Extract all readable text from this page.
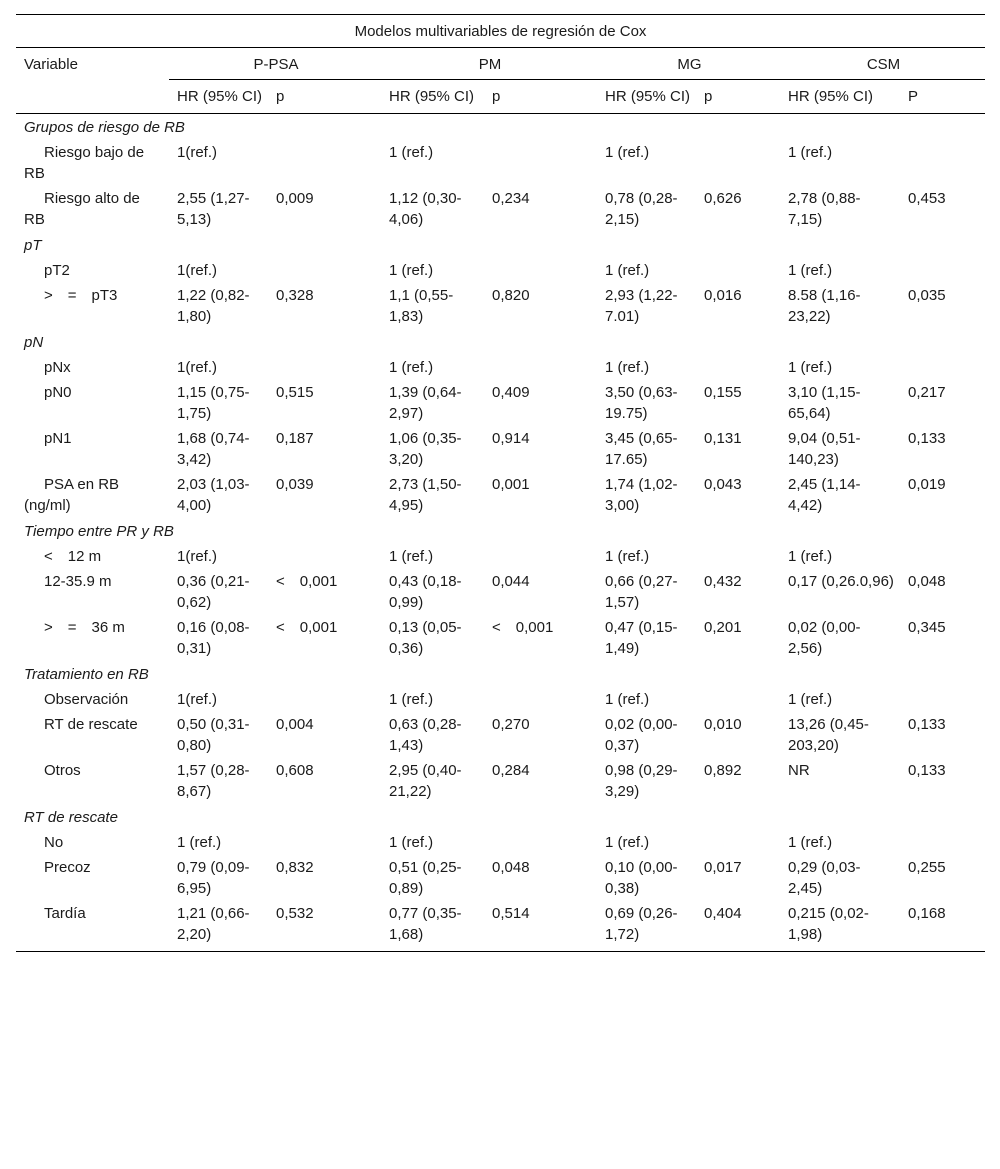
Modelos multivariables de regresión de Cox								
Variable	P-PSA		PM		MG		CSM	
	HR (95% CI)	p	HR (95% CI)	p	HR (95% CI)	p	HR (95% CI)	P
Grupos de riesgo de RB								
Riesgo bajo de RB	1(ref.)		1 (ref.)		1 (ref.)		1 (ref.)	
Riesgo alto de RB	2,55 (1,27-5,13)	0,009	1,12 (0,30-4,06)	0,234	0,78 (0,28-2,15)	0,626	2,78 (0,88-7,15)	0,453
pT								
pT2	1(ref.)		1 (ref.)		1 (ref.)		1 (ref.)	
> = pT3	1,22 (0,82-1,80)	0,328	1,1 (0,55-1,83)	0,820	2,93 (1,22-7.01)	0,016	8.58 (1,16-23,22)	0,035
pN								
pNx	1(ref.)		1 (ref.)		1 (ref.)		1 (ref.)	
pN0	1,15 (0,75-1,75)	0,515	1,39 (0,64-2,97)	0,409	3,50 (0,63-19.75)	0,155	3,10 (1,15-65,64)	0,217
pN1	1,68 (0,74-3,42)	0,187	1,06 (0,35-3,20)	0,914	3,45 (0,65-17.65)	0,131	9,04 (0,51-140,23)	0,133
PSA en RB (ng/ml)	2,03 (1,03-4,00)	0,039	2,73 (1,50-4,95)	0,001	1,74 (1,02-3,00)	0,043	2,45 (1,14-4,42)	0,019
Tiempo entre PR y RB								
< 12 m	1(ref.)		1 (ref.)		1 (ref.)		1 (ref.)	
12-35.9 m	0,36 (0,21-0,62)	< 0,001	0,43 (0,18-0,99)	0,044	0,66 (0,27-1,57)	0,432	0,17 (0,26.0,96)	0,048
> = 36 m	0,16 (0,08-0,31)	< 0,001	0,13 (0,05-0,36)	< 0,001	0,47 (0,15-1,49)	0,201	0,02 (0,00-2,56)	0,345
Tratamiento en RB								
Observación	1(ref.)		1 (ref.)		1 (ref.)		1 (ref.)	
RT de rescate	0,50 (0,31-0,80)	0,004	0,63 (0,28-1,43)	0,270	0,02 (0,00-0,37)	0,010	13,26 (0,45-203,20)	0,133
Otros	1,57 (0,28-8,67)	0,608	2,95 (0,40-21,22)	0,284	0,98 (0,29-3,29)	0,892	NR	0,133
RT de rescate								
No	1 (ref.)		1 (ref.)		1 (ref.)		1 (ref.)	
Precoz	0,79 (0,09-6,95)	0,832	0,51 (0,25-0,89)	0,048	0,10 (0,00-0,38)	0,017	0,29 (0,03-2,45)	0,255
Tardía	1,21 (0,66-2,20)	0,532	0,77 (0,35-1,68)	0,514	0,69 (0,26-1,72)	0,404	0,215 (0,02-1,98)	0,168
